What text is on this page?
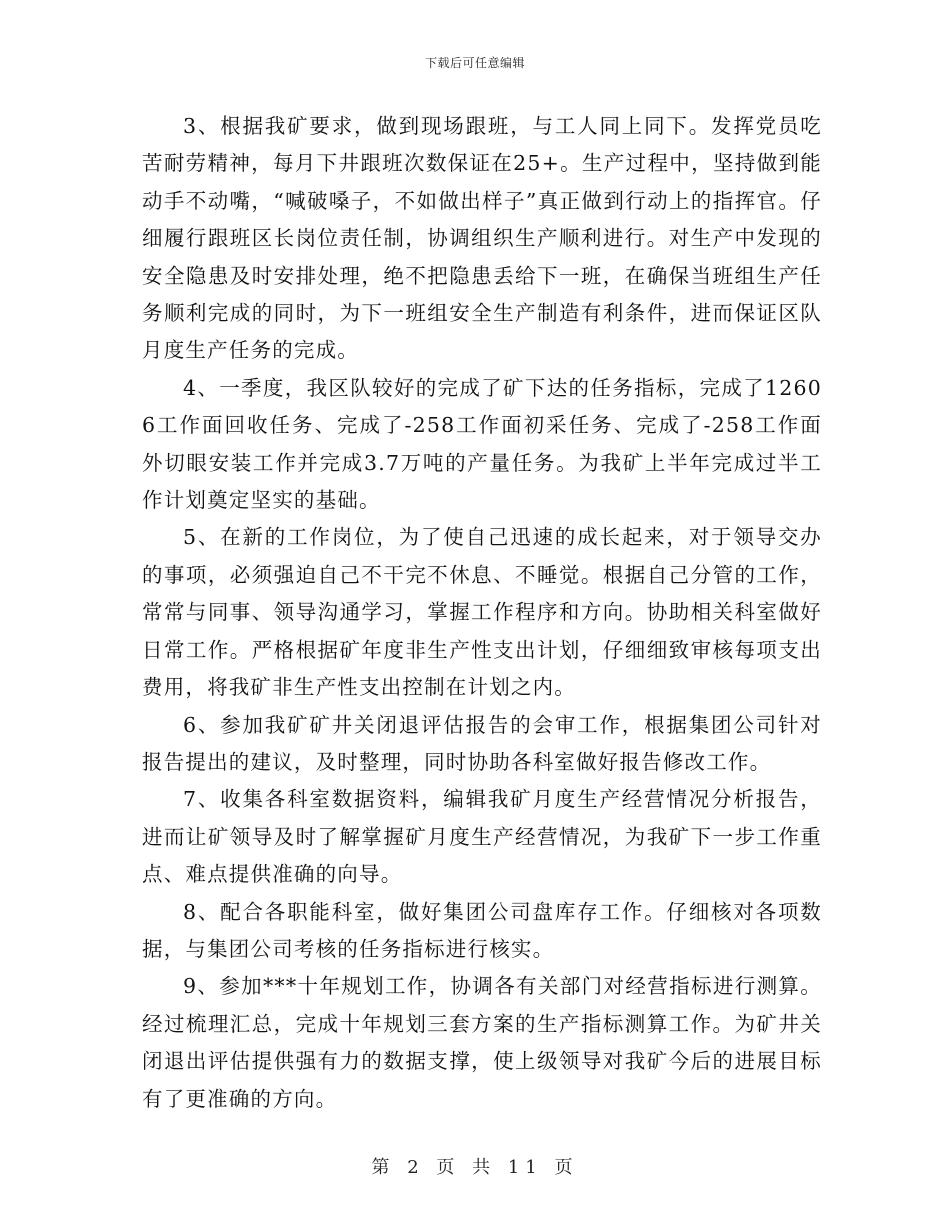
下载后可任意编辑

3、根据我矿要求，做到现场跟班，与工人同上同下。发挥党员吃苦耐劳精神，每月下井跟班次数保证在25+。生产过程中，坚持做到能动手不动嘴，“喊破嗓子，不如做出样子”真正做到行动上的指挥官。仔细履行跟班区长岗位责任制，协调组织生产顺利进行。对生产中发现的安全隐患及时安排处理，绝不把隐患丢给下一班，在确保当班组生产任务顺利完成的同时，为下一班组安全生产制造有利条件，进而保证区队月度生产任务的完成。

4、一季度，我区队较好的完成了矿下达的任务指标，完成了12606工作面回收任务、完成了-258工作面初采任务、完成了-258工作面外切眼安装工作并完成3.7万吨的产量任务。为我矿上半年完成过半工作计划奠定坚实的基础。

5、在新的工作岗位，为了使自己迅速的成长起来，对于领导交办的事项，必须强迫自己不干完不休息、不睡觉。根据自己分管的工作，常常与同事、领导沟通学习，掌握工作程序和方向。协助相关科室做好日常工作。严格根据矿年度非生产性支出计划，仔细细致审核每项支出费用，将我矿非生产性支出控制在计划之内。

6、参加我矿矿井关闭退评估报告的会审工作，根据集团公司针对报告提出的建议，及时整理，同时协助各科室做好报告修改工作。

7、收集各科室数据资料，编辑我矿月度生产经营情况分析报告，进而让矿领导及时了解掌握矿月度生产经营情况，为我矿下一步工作重点、难点提供准确的向导。

8、配合各职能科室，做好集团公司盘库存工作。仔细核对各项数据，与集团公司考核的任务指标进行核实。

9、参加***十年规划工作，协调各有关部门对经营指标进行测算。经过梳理汇总，完成十年规划三套方案的生产指标测算工作。为矿井关闭退出评估提供强有力的数据支撑，使上级领导对我矿今后的进展目标有了更准确的方向。

第 2 页 共 11 页
